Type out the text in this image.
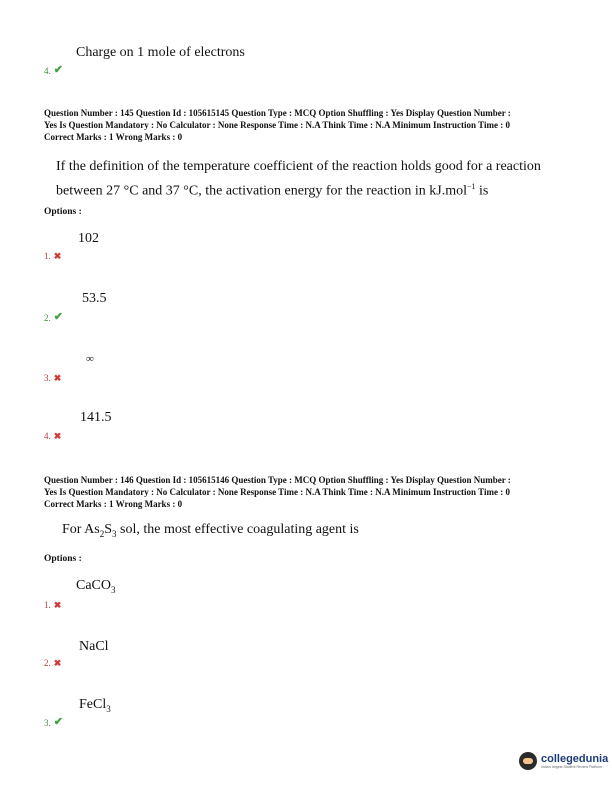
Charge on 1 mole of electrons
4. ✔
Question Number : 145 Question Id : 105615145 Question Type : MCQ Option Shuffling : Yes Display Question Number :
Yes Is Question Mandatory : No Calculator : None Response Time : N.A Think Time : N.A Minimum Instruction Time : 0
Correct Marks : 1 Wrong Marks : 0
If the definition of the temperature coefficient of the reaction holds good for a reaction
between 27 °C and 37 °C, the activation energy for the reaction in kJ.mol$^{-1}$ is
Options :
102
1. ✖
53.5
2. ✔
∞
3. ✖
141.5
4. ✖
Question Number : 146 Question Id : 105615146 Question Type : MCQ Option Shuffling : Yes Display Question Number :
Yes Is Question Mandatory : No Calculator : None Response Time : N.A Think Time : N.A Minimum Instruction Time : 0
Correct Marks : 1 Wrong Marks : 0
For $As_2S_3$ sol, the most effective coagulating agent is
Options :
CaCO$_3$
1. ✖
NaCl
2. ✖
FeCl$_3$
3. ✔
collegedunia
India's largest Student Review Platform
